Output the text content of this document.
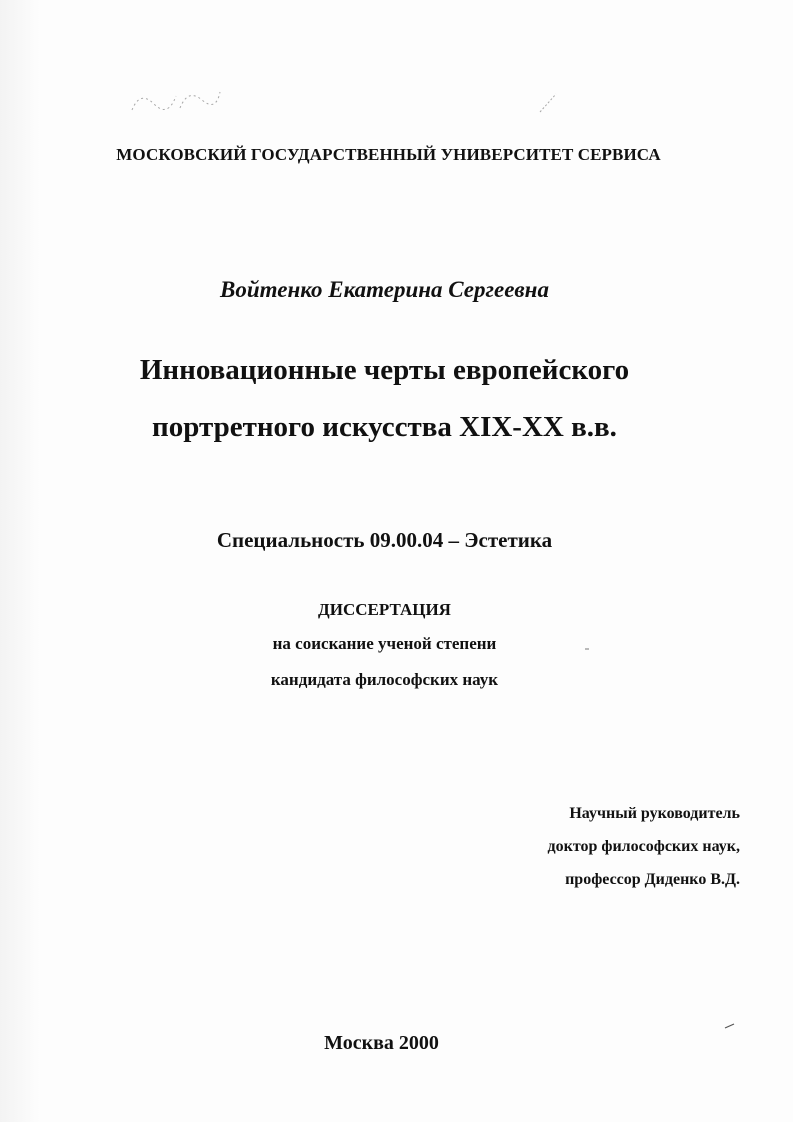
МОСКОВСКИЙ ГОСУДАРСТВЕННЫЙ УНИВЕРСИТЕТ СЕРВИСА
Войтенко Екатерина Сергеевна
Инновационные черты европейского
портретного искусства XIX-XX в.в.
Специальность 09.00.04 – Эстетика
ДИССЕРТАЦИЯ
на соискание ученой степени
кандидата философских наук
Научный руководитель
доктор философских наук,
профессор Диденко В.Д.
Москва 2000
